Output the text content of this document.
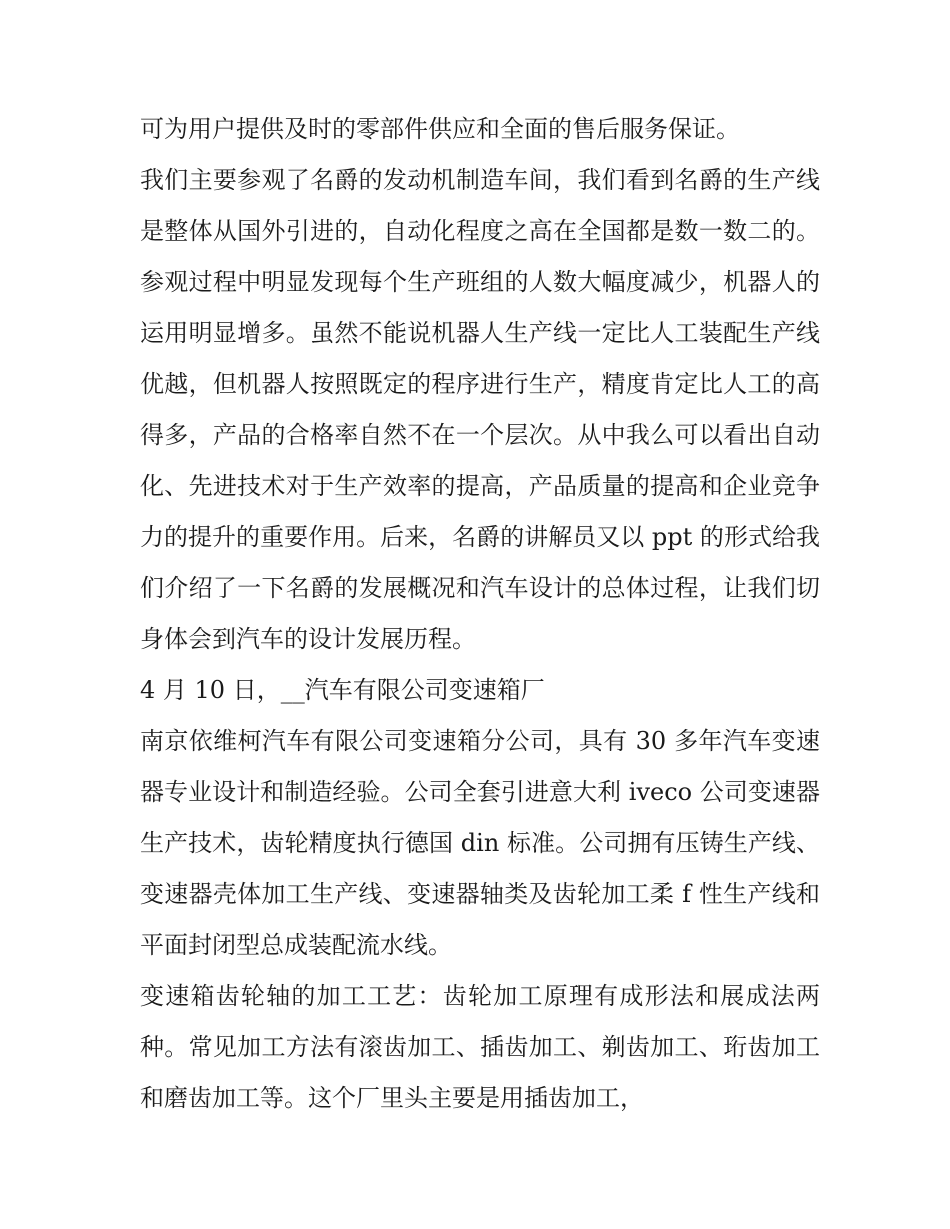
可为用户提供及时的零部件供应和全面的售后服务保证。

我们主要参观了名爵的发动机制造车间，我们看到名爵的生产线是整体从国外引进的，自动化程度之高在全国都是数一数二的。参观过程中明显发现每个生产班组的人数大幅度减少，机器人的运用明显增多。虽然不能说机器人生产线一定比人工装配生产线优越，但机器人按照既定的程序进行生产，精度肯定比人工的高得多，产品的合格率自然不在一个层次。从中我么可以看出自动化、先进技术对于生产效率的提高，产品质量的提高和企业竞争力的提升的重要作用。后来，名爵的讲解员又以 ppt 的形式给我们介绍了一下名爵的发展概况和汽车设计的总体过程，让我们切身体会到汽车的设计发展历程。

4 月 10 日，__汽车有限公司变速箱厂

南京依维柯汽车有限公司变速箱分公司，具有 30 多年汽车变速器专业设计和制造经验。公司全套引进意大利 iveco 公司变速器生产技术，齿轮精度执行德国 din 标准。公司拥有压铸生产线、变速器壳体加工生产线、变速器轴类及齿轮加工柔 f 性生产线和平面封闭型总成装配流水线。

变速箱齿轮轴的加工工艺：齿轮加工原理有成形法和展成法两种。常见加工方法有滚齿加工、插齿加工、剃齿加工、珩齿加工和磨齿加工等。这个厂里头主要是用插齿加工，
